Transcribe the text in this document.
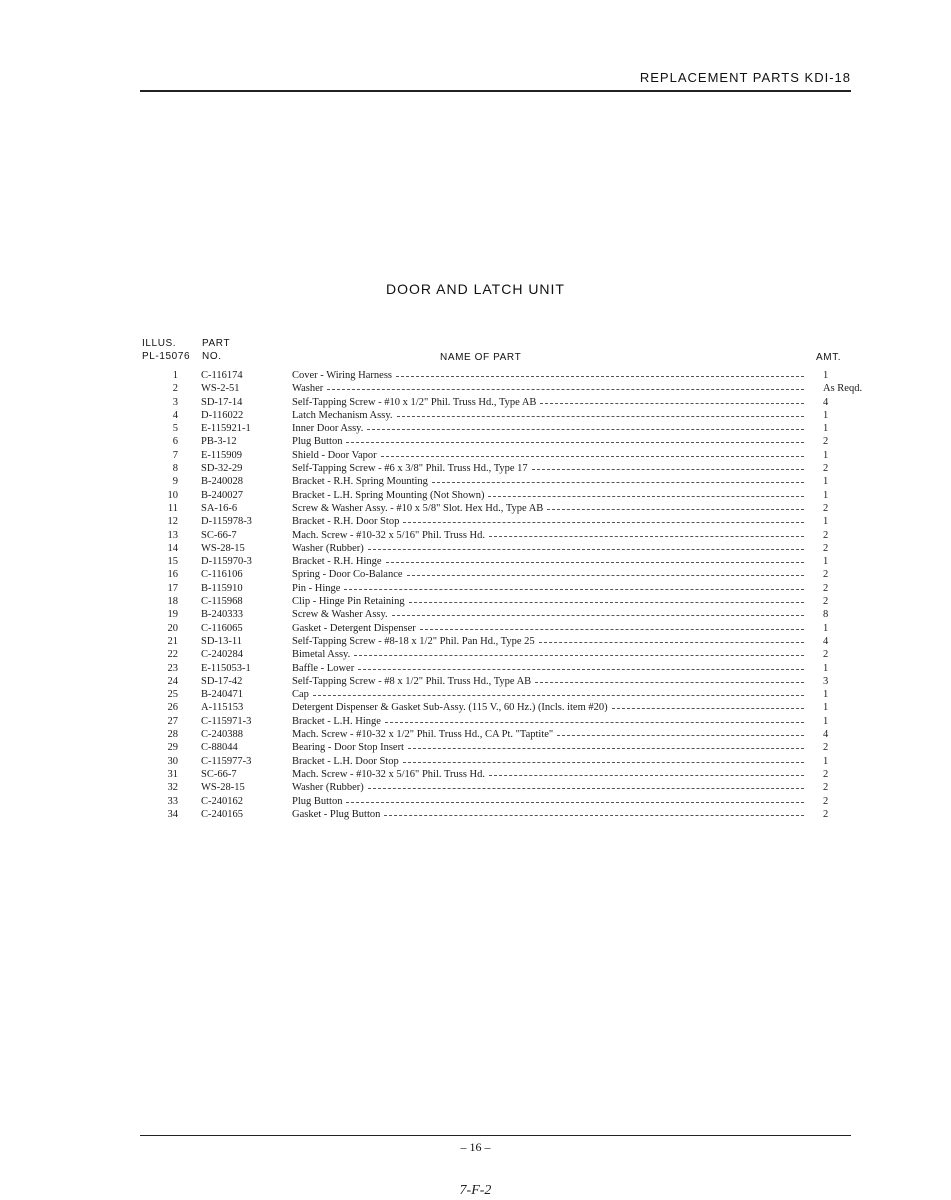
REPLACEMENT PARTS KDI-18
DOOR AND LATCH UNIT
ILLUS.
PL-15076
PART
NO.	NAME OF PART	AMT.
1 C-116174	Cover - Wiring Harness	1
2 WS-2-51	Washer	As Reqd.
3 SD-17-14	Self-Tapping Screw - #10 x 1/2" Phil. Truss Hd., Type AB	4
4 D-116022	Latch Mechanism Assy.	1
5 E-115921-1	Inner Door Assy.	1
6 PB-3-12	Plug Button	2
7 E-115909	Shield - Door Vapor	1
8 SD-32-29	Self-Tapping Screw - #6 x 3/8" Phil. Truss Hd., Type 17	2
9 B-240028	Bracket - R.H. Spring Mounting	1
10 B-240027	Bracket - L.H. Spring Mounting (Not Shown)	1
11 SA-16-6	Screw & Washer Assy. - #10 x 5/8" Slot. Hex Hd., Type AB	2
12 D-115978-3	Bracket - R.H. Door Stop	1
13 SC-66-7	Mach. Screw - #10-32 x 5/16" Phil. Truss Hd.	2
14 WS-28-15	Washer (Rubber)	2
15 D-115970-3	Bracket - R.H. Hinge	1
16 C-116106	Spring - Door Co-Balance	2
17 B-115910	Pin - Hinge	2
18 C-115968	Clip - Hinge Pin Retaining	2
19 B-240333	Screw & Washer Assy.	8
20 C-116065	Gasket - Detergent Dispenser	1
21 SD-13-11	Self-Tapping Screw - #8-18 x 1/2" Phil. Pan Hd., Type 25	4
22 C-240284	Bimetal Assy.	2
23 E-115053-1	Baffle - Lower	1
24 SD-17-42	Self-Tapping Screw - #8 x 1/2" Phil. Truss Hd., Type AB	3
25 B-240471	Cap	1
26 A-115153	Detergent Dispenser & Gasket Sub-Assy. (115 V., 60 Hz.) (Incls. item #20)	1
27 C-115971-3	Bracket - L.H. Hinge	1
28 C-240388	Mach. Screw - #10-32 x 1/2" Phil. Truss Hd., CA Pt. "Taptite"	4
29 C-88044	Bearing - Door Stop Insert	2
30 C-115977-3	Bracket - L.H. Door Stop	1
31 SC-66-7	Mach. Screw - #10-32 x 5/16" Phil. Truss Hd.	2
32 WS-28-15	Washer (Rubber)	2
33 C-240162	Plug Button	2
34 C-240165	Gasket - Plug Button	2
– 16 –
7-F-2
